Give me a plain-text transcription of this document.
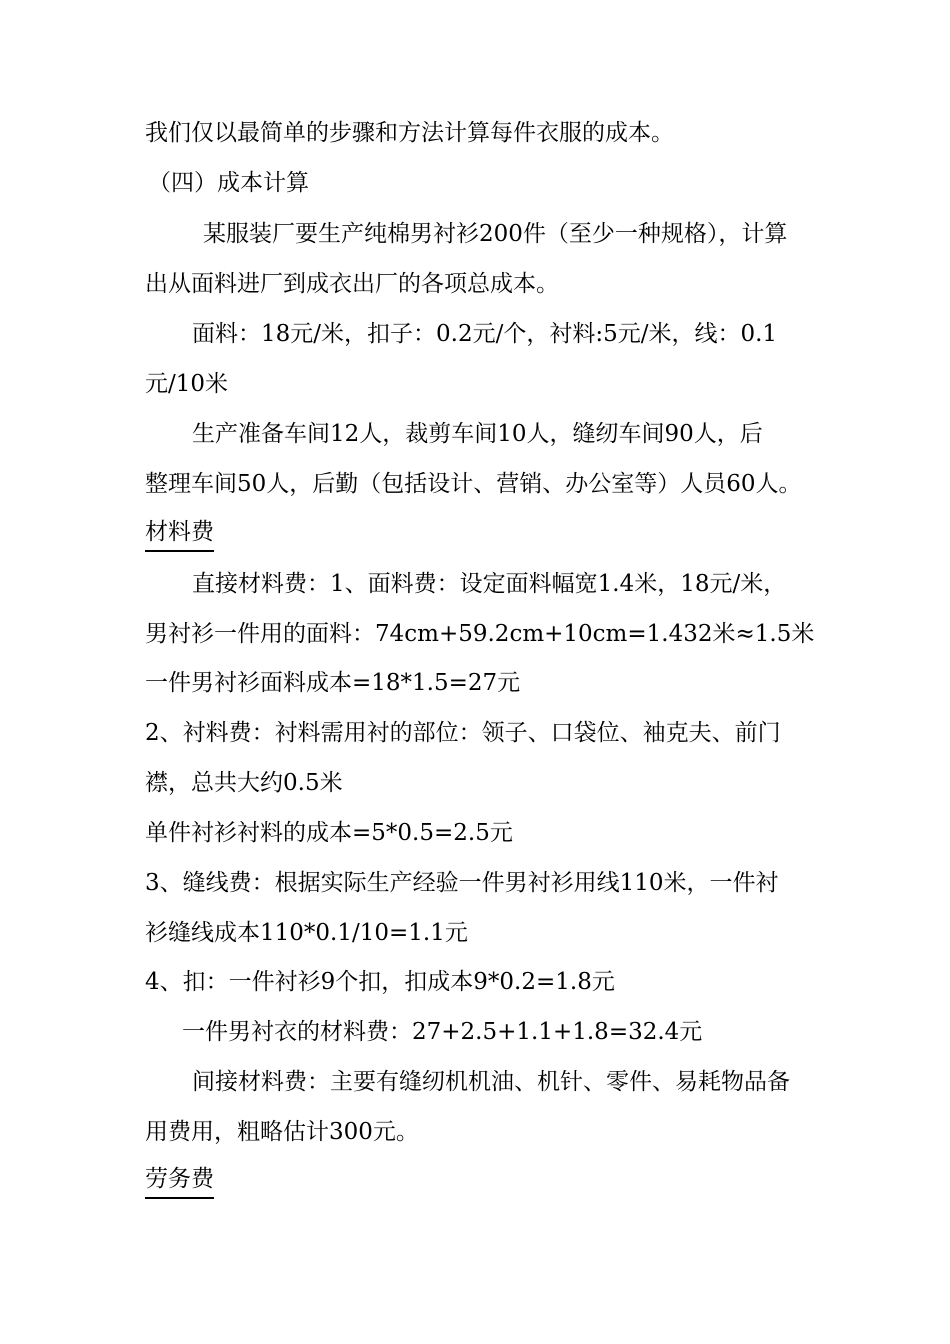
我们仅以最简单的步骤和方法计算每件衣服的成本。
（四）成本计算
某服装厂要生产纯棉男衬衫200件（至少一种规格），计算
出从面料进厂到成衣出厂的各项总成本。
面料：18元/米，扣子：0.2元/个，衬料:5元/米，线：0.1
元/10米
生产准备车间12人，裁剪车间10人，缝纫车间90人，后
整理车间50人，后勤（包括设计、营销、办公室等）人员60人。
材料费
直接材料费：1、面料费：设定面料幅宽1.4米，18元/米，
男衬衫一件用的面料：74cm+59.2cm+10cm=1.432米≈1.5米
一件男衬衫面料成本=18*1.5=27元
2、衬料费：衬料需用衬的部位：领子、口袋位、袖克夫、前门
襟，总共大约0.5米
单件衬衫衬料的成本=5*0.5=2.5元
3、缝线费：根据实际生产经验一件男衬衫用线110米，一件衬
衫缝线成本110*0.1/10=1.1元
4、扣：一件衬衫9个扣，扣成本9*0.2=1.8元
一件男衬衣的材料费：27+2.5+1.1+1.8=32.4元
间接材料费：主要有缝纫机机油、机针、零件、易耗物品备
用费用，粗略估计300元。
劳务费
